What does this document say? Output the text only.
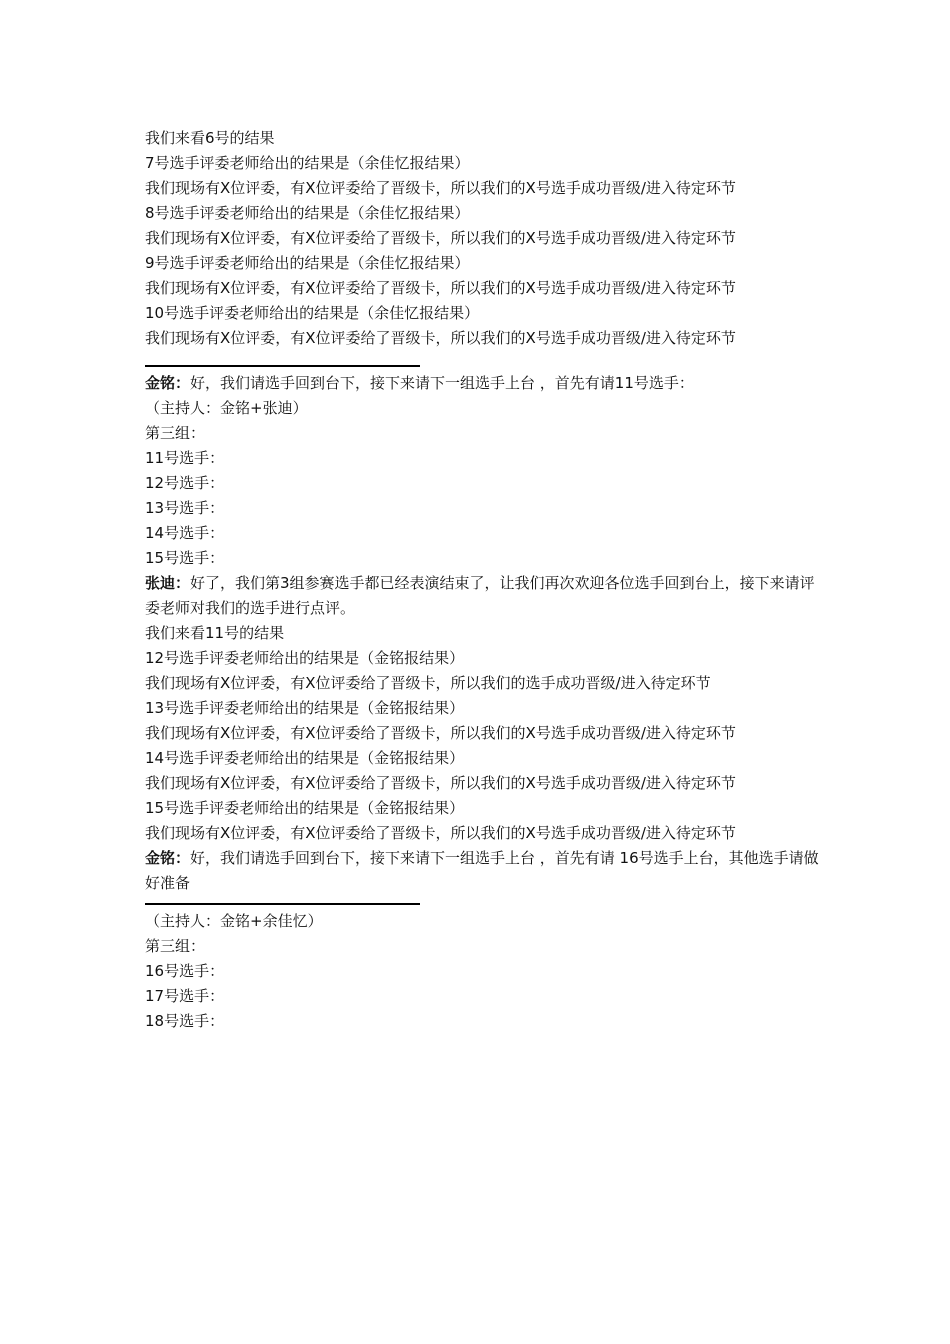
我们来看6号的结果
7号选手评委老师给出的结果是（余佳忆报结果）
我们现场有X位评委，有X位评委给了晋级卡，所以我们的X号选手成功晋级/进入待定环节
8号选手评委老师给出的结果是（余佳忆报结果）
我们现场有X位评委，有X位评委给了晋级卡，所以我们的X号选手成功晋级/进入待定环节
9号选手评委老师给出的结果是（余佳忆报结果）
我们现场有X位评委，有X位评委给了晋级卡，所以我们的X号选手成功晋级/进入待定环节
10号选手评委老师给出的结果是（余佳忆报结果）
我们现场有X位评委，有X位评委给了晋级卡，所以我们的X号选手成功晋级/进入待定环节
金铭：好，我们请选手回到台下，接下来请下一组选手上台 ，首先有请11号选手：
（主持人：金铭+张迪）
第三组：
11号选手：
12号选手：
13号选手：
14号选手：
15号选手：
张迪：好了，我们第3组参赛选手都已经表演结束了，让我们再次欢迎各位选手回到台上，接下来请评委老师对我们的选手进行点评。
我们来看11号的结果
12号选手评委老师给出的结果是（金铭报结果）
我们现场有X位评委，有X位评委给了晋级卡，所以我们的选手成功晋级/进入待定环节
13号选手评委老师给出的结果是（金铭报结果）
我们现场有X位评委，有X位评委给了晋级卡，所以我们的X号选手成功晋级/进入待定环节
14号选手评委老师给出的结果是（金铭报结果）
我们现场有X位评委，有X位评委给了晋级卡，所以我们的X号选手成功晋级/进入待定环节
15号选手评委老师给出的结果是（金铭报结果）
我们现场有X位评委，有X位评委给了晋级卡，所以我们的X号选手成功晋级/进入待定环节
金铭：好，我们请选手回到台下，接下来请下一组选手上台 ，首先有请 16号选手上台，其他选手请做好准备
（主持人：金铭+余佳忆）
第三组：
16号选手：
17号选手：
18号选手：
